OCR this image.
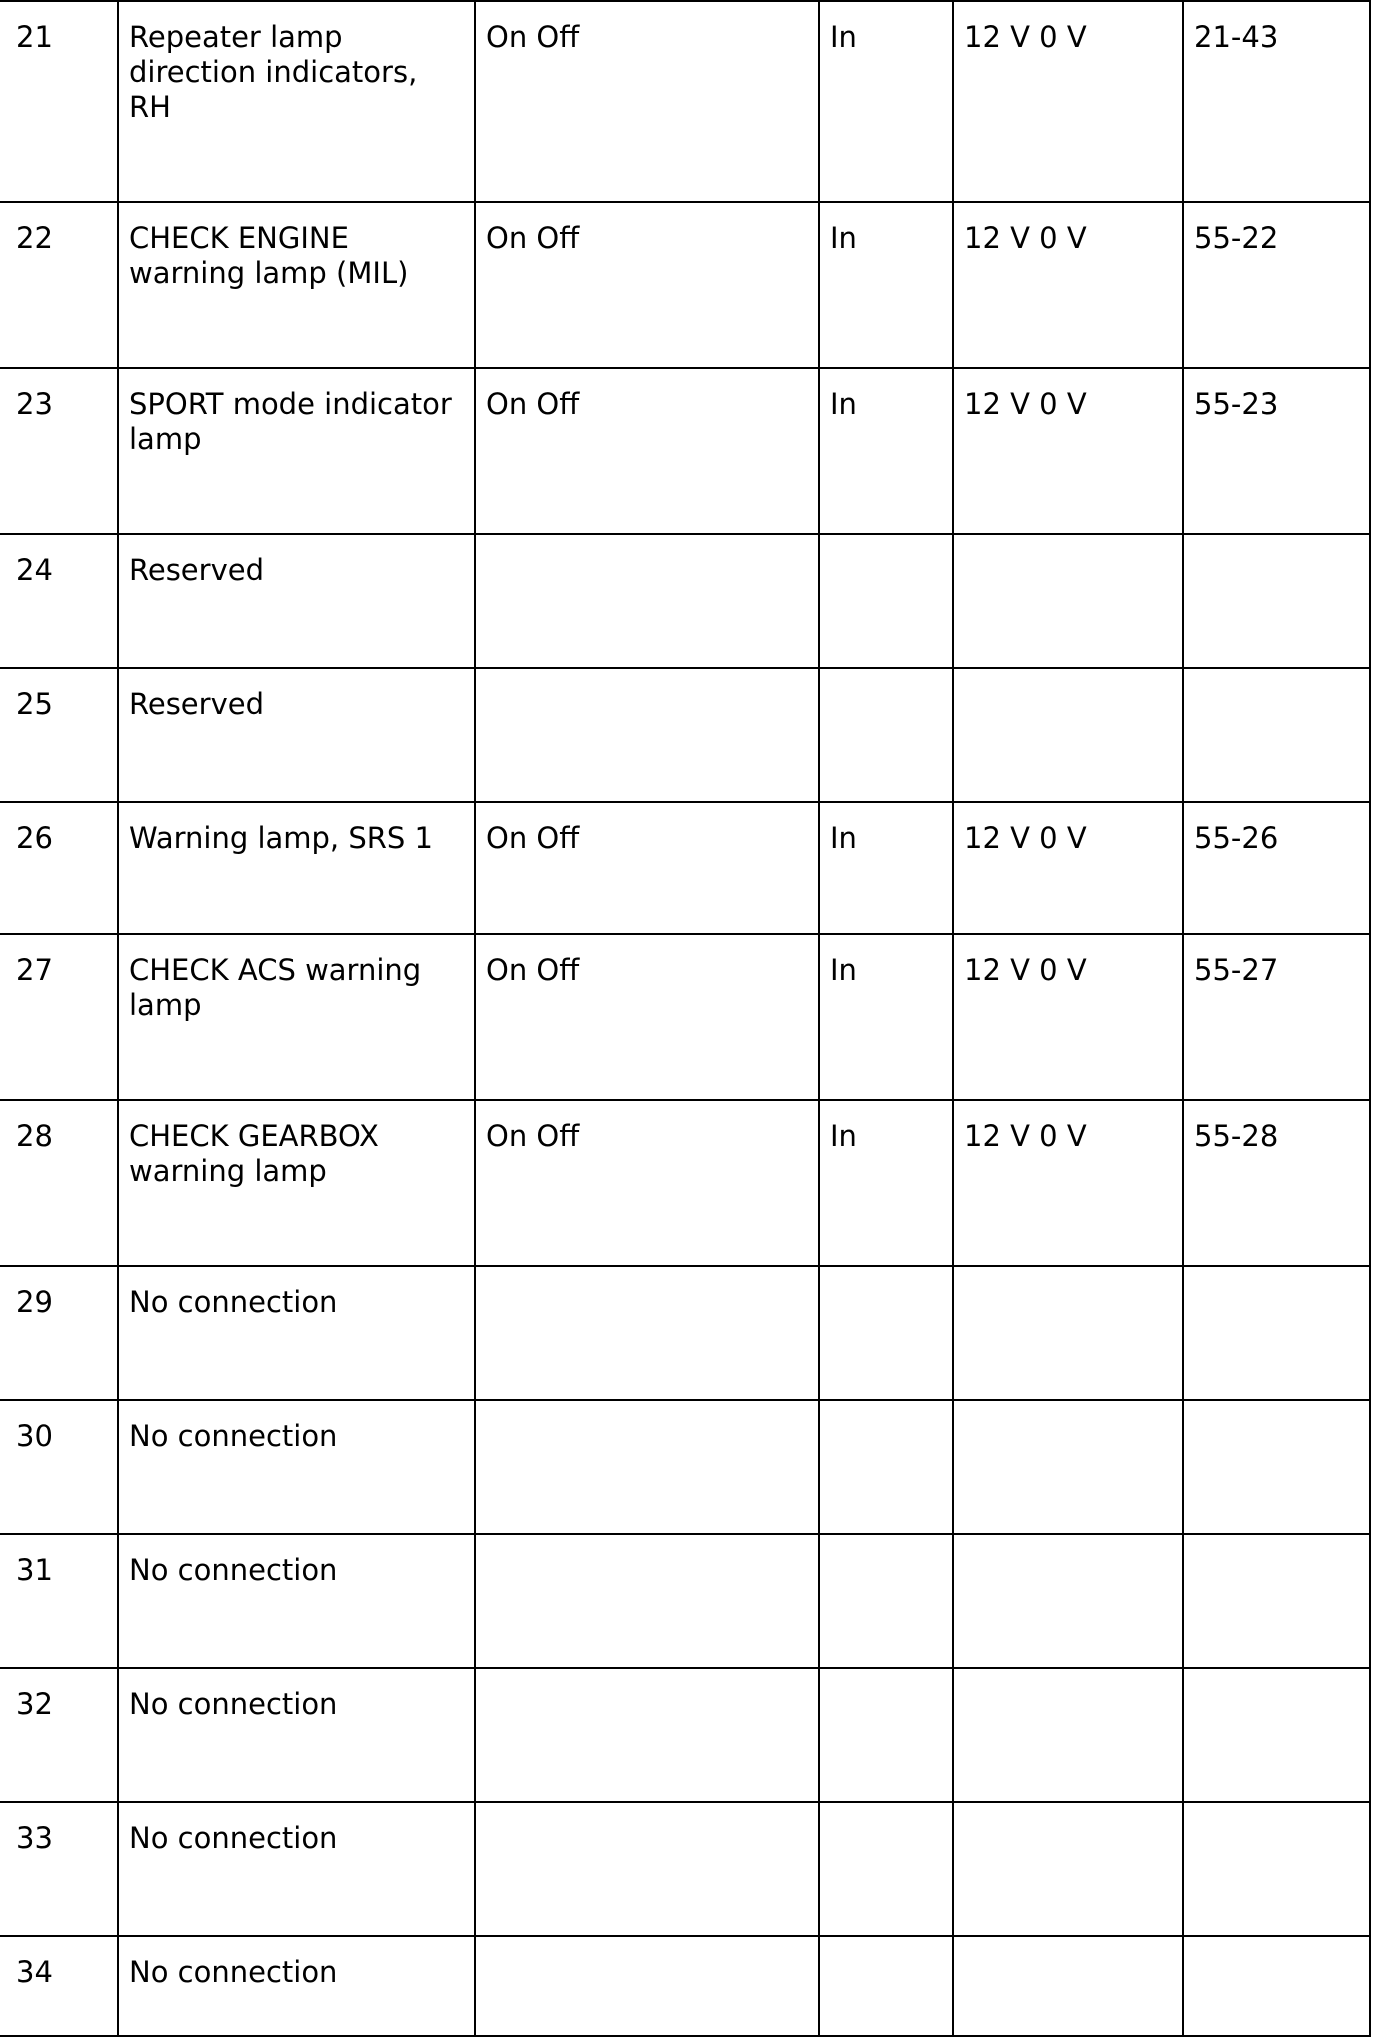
21	Repeater lamp direction indicators, RH	On Off	In	12 V 0 V	21-43
22	CHECK ENGINE warning lamp (MIL)	On Off	In	12 V 0 V	55-22
23	SPORT mode indicator lamp	On Off	In	12 V 0 V	55-23
24	Reserved				
25	Reserved				
26	Warning lamp, SRS 1	On Off	In	12 V 0 V	55-26
27	CHECK ACS warning lamp	On Off	In	12 V 0 V	55-27
28	CHECK GEARBOX warning lamp	On Off	In	12 V 0 V	55-28
29	No connection				
30	No connection				
31	No connection				
32	No connection				
33	No connection				
34	No connection				
